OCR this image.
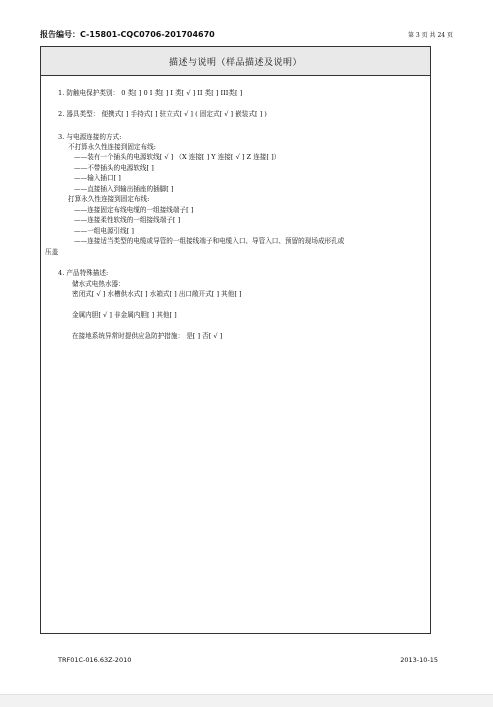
报告编号：C-15801-CQC0706-201704670	第 3 页 共 24 页
描述与说明（样品描述及说明）
1. 防触电保护类别： 0 类[ ] 0 I 类[ ] I 类[ √ ] II 类[ ] III类[ ]
2. 器具类型： 便携式[ ] 手持式[ ] 驻立式[ √ ] ( 固定式[ √ ] 嵌装式[ ] )
3. 与电源连接的方式:
不打算永久性连接到固定布线:
——装有一个插头的电源软线[ √ ] （X 连接[ ] Y 连接[ √ ] Z 连接[ ]）
——不带插头的电源软线[ ]
——输入插口[ ]
——直接插入到输出插座的插脚[ ]
打算永久性连接到固定布线:
——连接固定布线电缆的一组接线端子[ ]
——连接柔性软线的一组接线端子[ ]
——一组电源引线[ ]
——连接适当类型的电缆或导管的一组接线端子和电缆入口、导管入口、预留的现场成形孔或
压盖
4. 产品特殊描述:
储水式电热水器：
密闭式[ √ ] 水槽供水式[ ] 水箱式[ ] 出口敞开式[ ] 其他[ ]
金属内胆[ √ ] 非金属内胆[ ] 其他[ ]
在接地系统异常时提供应急防护措施： 是[ ] 否[ √ ]
TRF01C-016.63Z-2010	2013-10-15
